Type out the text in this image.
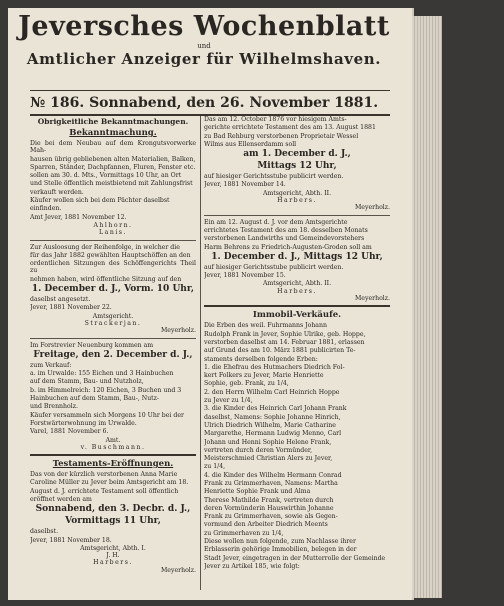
Jeversches Wochenblatt
und
Amtlicher Anzeiger für Wilhelmshaven.
№ 186. Sonnabend, den 26. November 1881.
Obrigkeitliche Bekanntmachungen.
Bekanntmachung.

Die bei dem Neubau auf dem Krongutsvorwerke Mah-

hausen übrig gebliebenen alten Materialien, Balken,

Sparren, Ständer, Dachpfannen, Fluren, Fenster etc.

sollen am 30. d. Mts., Vormittags 10 Uhr, an Ort

und Stelle öffentlich meistbietend mit Zahlungsfrist

verkauft werden.

Käufer wollen sich bei dem Pächter daselbst

einfinden.

Amt Jever, 1881 November 12.

Ahlhorn.
Lanis.

Zur Ausloosung der Reihenfolge, in welcher die

für das Jahr 1882 gewählten Hauptschöffen an den

ordentlichen Sitzungen des Schöffengerichts Theil zu

nehmen haben, wird öffentliche Sitzung auf den

1. December d. J., Vorm. 10 Uhr,

daselbst angesetzt.

Jever, 1881 November 22.

Amtsgericht.
Strackerjan.
Meyerholz.

Im Forstrevier Neuenburg kommen am

Freitage, den 2. December d. J.,

zum Verkauf:

a. im Urwalde: 155 Eichen und 3 Hainbuchen

auf dem Stamm, Bau- und Nutzholz,

b. im Himmelreich: 120 Eichen, 3 Buchen und 3

Hainbuchen auf dem Stamm, Bau-, Nutz-

und Brennholz.

Käufer versammeln sich Morgens 10 Uhr bei der

Forstwärterwohnung im Urwalde.

Varel, 1881 November 6.

Amt.
v. Buschmann.
Testaments-Eröffnungen.

Das von der kürzlich verstorbenen Anna Marie

Caroline Müller zu Jever beim Amtsgericht am 18.

August d. J. errichtete Testament soll öffentlich

eröffnet werden am

Sonnabend, den 3. Decbr. d. J.,
Vormittags 11 Uhr,

daselbst.

Jever, 1881 November 18.

Amtsgericht, Abth. I.
J. H.
Harbers.
Meyerholz.

Das am 12. October 1876 vor hiesigem Amts-

gerichte errichtete Testament des am 13. August 1881

zu Bad Rehburg verstorbenen Proprietair Wessel

Wilms aus Ellenserdamm soll

am 1. December d. J.,
Mittags 12 Uhr,

auf hiesiger Gerichtsstube publicirt werden.

Jever, 1881 November 14.

Amtsgericht, Abth. II.
Harbers.
Meyerholz.

Ein am 12. August d. J. vor dem Amtsgerichte

errichtetes Testament des am 18. desselben Monats

verstorbenen Landwirths und Gemeindevorstehers

Harm Behrens zu Friedrich-Augusten-Groden soll am

1. December d. J., Mittags 12 Uhr,

auf hiesiger Gerichtsstube publicirt werden.

Jever, 1881 November 15.

Amtsgericht, Abth. II.
Harbers.
Meyerholz.
Immobil-Verkäufe.

Die Erben des weil. Fuhrmanns Johann

Rudolph Frank in Jever, Sophie Ulrike, geb. Hoppe,

verstorben daselbst am 14. Februar 1881, erlassen

auf Grund des am 10. März 1881 publicirten Te-

staments derselben folgende Erben:

1. die Ehefrau des Hutmachers Diedrich Fol-

kert Folkers zu Jever, Marie Henriette

Sophie, geb. Frank, zu 1/4,

2. den Herrn Wilhelm Carl Heinrich Hoppe

zu Jever zu 1/4,

3. die Kinder des Heinrich Carl Johann Frank

daselbst, Namens: Sophie Johanne Hinrich,

Ulrich Diedrich Wilhelm, Marie Catharine

Margarethe, Hermann Ludwig Menno, Carl

Johann und Henni Sophie Helene Frank,

vertreten durch deren Vormünder,

Meisterschmied Christian Alers zu Jever,

zu 1/4,

4. die Kinder des Wilhelm Hermann Conrad

Frank zu Grimmerhaven, Namens: Martha

Henriette Sophie Frank und Alma

Therese Mathilde Frank, vertreten durch

deren Vormünderin Hauswirthin Johanne

Frank zu Grimmerhaven, sowie als Gegen-

vormund den Arbeiter Diedrich Meents

zu Grimmerhaven zu 1/4,

Diese wollen nun folgende, zum Nachlasse ihrer

Erblasserin gehörige Immobilien, belegen in der

Stadt Jever, eingetragen in der Mutterrolle der Gemeinde

Jever zu Artikel 185, wie folgt:
